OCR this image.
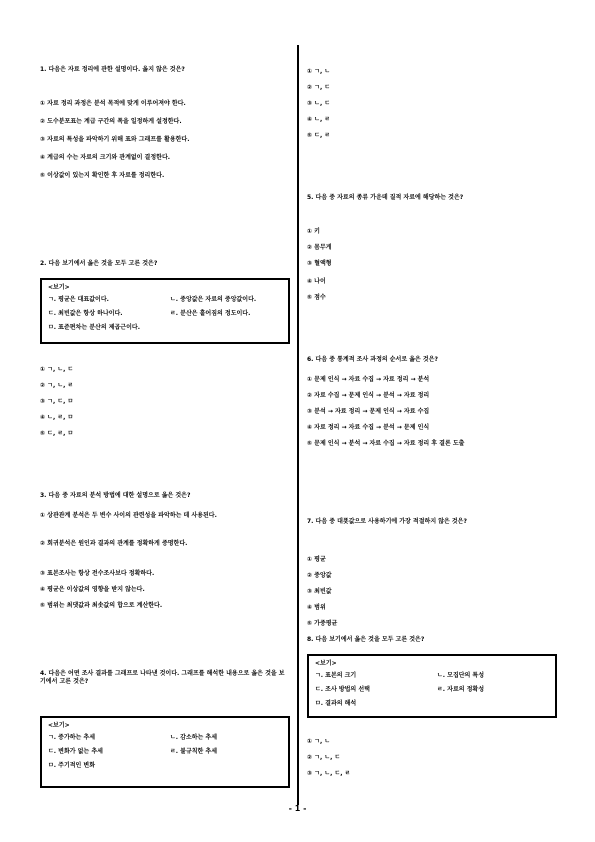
1. 다음은 자료 정리에 관한 설명이다. 옳지 않은 것은?
① 자료 정리 과정은 분석 목적에 맞게 이루어져야 한다.
② 도수분포표는 계급 구간의 폭을 일정하게 설정한다.
③ 자료의 특성을 파악하기 위해 표와 그래프를 활용한다.
④ 계급의 수는 자료의 크기와 관계없이 결정한다.
⑤ 이상값이 있는지 확인한 후 자료를 정리한다.
2. 다음 보기에서 옳은 것을 모두 고른 것은?
<보기>
ㄱ. 평균은 대표값이다.	ㄴ. 중앙값은 자료의 중앙값이다.
ㄷ. 최빈값은 항상 하나이다.	ㄹ. 분산은 흩어짐의 정도이다.
ㅁ. 표준편차는 분산의 제곱근이다.
① ㄱ, ㄴ, ㄷ
② ㄱ, ㄴ, ㄹ
③ ㄱ, ㄷ, ㅁ
④ ㄴ, ㄹ, ㅁ
⑤ ㄷ, ㄹ, ㅁ
3. 다음 중 자료의 분석 방법에 대한 설명으로 옳은 것은?
① 상관관계 분석은 두 변수 사이의 관련성을 파악하는 데 사용된다.
② 회귀분석은 원인과 결과의 관계를 정확하게 증명한다.
③ 표본조사는 항상 전수조사보다 정확하다.
④ 평균은 이상값의 영향을 받지 않는다.
⑤ 범위는 최댓값과 최솟값의 합으로 계산한다.
4. 다음은 어떤 조사 결과를 그래프로 나타낸 것이다. 그래프를 해석한 내용으로 옳은 것을 보기에서 고른 것은?
<보기>
ㄱ. 증가하는 추세	ㄴ. 감소하는 추세
ㄷ. 변화가 없는 추세	ㄹ. 불규칙한 추세
ㅁ. 주기적인 변화
① ㄱ, ㄴ
② ㄱ, ㄷ
③ ㄴ, ㄷ
④ ㄴ, ㄹ
⑤ ㄷ, ㄹ
5. 다음 중 자료의 종류 가운데 질적 자료에 해당하는 것은?
① 키
② 몸무게
③ 혈액형
④ 나이
⑤ 점수
6. 다음 중 통계적 조사 과정의 순서로 옳은 것은?
① 문제 인식 → 자료 수집 → 자료 정리 → 분석
② 자료 수집 → 문제 인식 → 분석 → 자료 정리
③ 분석 → 자료 정리 → 문제 인식 → 자료 수집
④ 자료 정리 → 자료 수집 → 분석 → 문제 인식
⑤ 문제 인식 → 분석 → 자료 수집 → 자료 정리 후 결론 도출
7. 다음 중 대푯값으로 사용하기에 가장 적절하지 않은 것은?
① 평균
② 중앙값
③ 최빈값
④ 범위
⑤ 가중평균
8. 다음 보기에서 옳은 것을 모두 고른 것은?
<보기>
ㄱ. 표본의 크기	ㄴ. 모집단의 특성
ㄷ. 조사 방법의 선택	ㄹ. 자료의 정확성
ㅁ. 결과의 해석
① ㄱ, ㄴ
② ㄱ, ㄴ, ㄷ
③ ㄱ, ㄴ, ㄷ, ㄹ
- 1 -
